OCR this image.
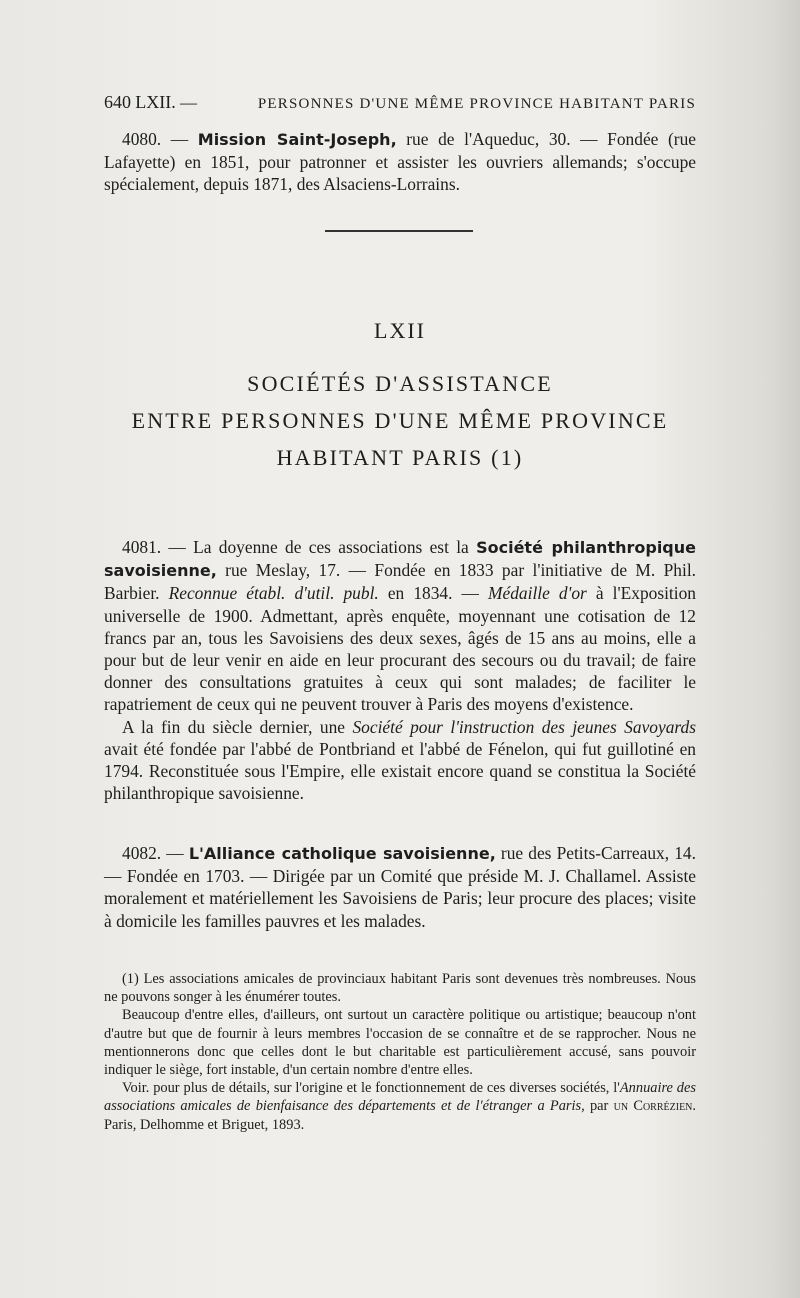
640 LXII. —	PERSONNES D'UNE MÊME PROVINCE HABITANT PARIS

4080. — Mission Saint-Joseph, rue de l'Aqueduc, 30. — Fondée (rue Lafayette) en 1851, pour patronner et assister les ouvriers allemands; s'occupe spécialement, depuis 1871, des Alsaciens-Lorrains.

LXII
SOCIÉTÉS D'ASSISTANCE
ENTRE PERSONNES D'UNE MÊME PROVINCE
HABITANT PARIS (1)

4081. — La doyenne de ces associations est la Société philanthropique savoisienne, rue Meslay, 17. — Fondée en 1833 par l'initiative de M. Phil. Barbier. Reconnue établ. d'util. publ. en 1834. — Médaille d'or à l'Exposition universelle de 1900. Admettant, après enquête, moyennant une cotisation de 12 francs par an, tous les Savoisiens des deux sexes, âgés de 15 ans au moins, elle a pour but de leur venir en aide en leur procurant des secours ou du travail; de faire donner des consultations gratuites à ceux qui sont malades; de faciliter le rapatriement de ceux qui ne peuvent trouver à Paris des moyens d'existence.

A la fin du siècle dernier, une Société pour l'instruction des jeunes Savoyards avait été fondée par l'abbé de Pontbriand et l'abbé de Fénelon, qui fut guillotiné en 1794. Reconstituée sous l'Empire, elle existait encore quand se constitua la Société philanthropique savoisienne.

4082. — L'Alliance catholique savoisienne, rue des Petits-Carreaux, 14. — Fondée en 1703. — Dirigée par un Comité que préside M. J. Challamel. Assiste moralement et matériellement les Savoisiens de Paris; leur procure des places; visite à domicile les familles pauvres et les malades.

(1) Les associations amicales de provinciaux habitant Paris sont devenues très nombreuses. Nous ne pouvons songer à les énumérer toutes.

Beaucoup d'entre elles, d'ailleurs, ont surtout un caractère politique ou artistique; beaucoup n'ont d'autre but que de fournir à leurs membres l'occasion de se connaître et de se rapprocher. Nous ne mentionnerons donc que celles dont le but charitable est particulièrement accusé, sans pouvoir indiquer le siège, fort instable, d'un certain nombre d'entre elles.

Voir. pour plus de détails, sur l'origine et le fonctionnement de ces diverses sociétés, l'Annuaire des associations amicales de bienfaisance des départements et de l'étranger a Paris, par un Corrézien. Paris, Delhomme et Briguet, 1893.
